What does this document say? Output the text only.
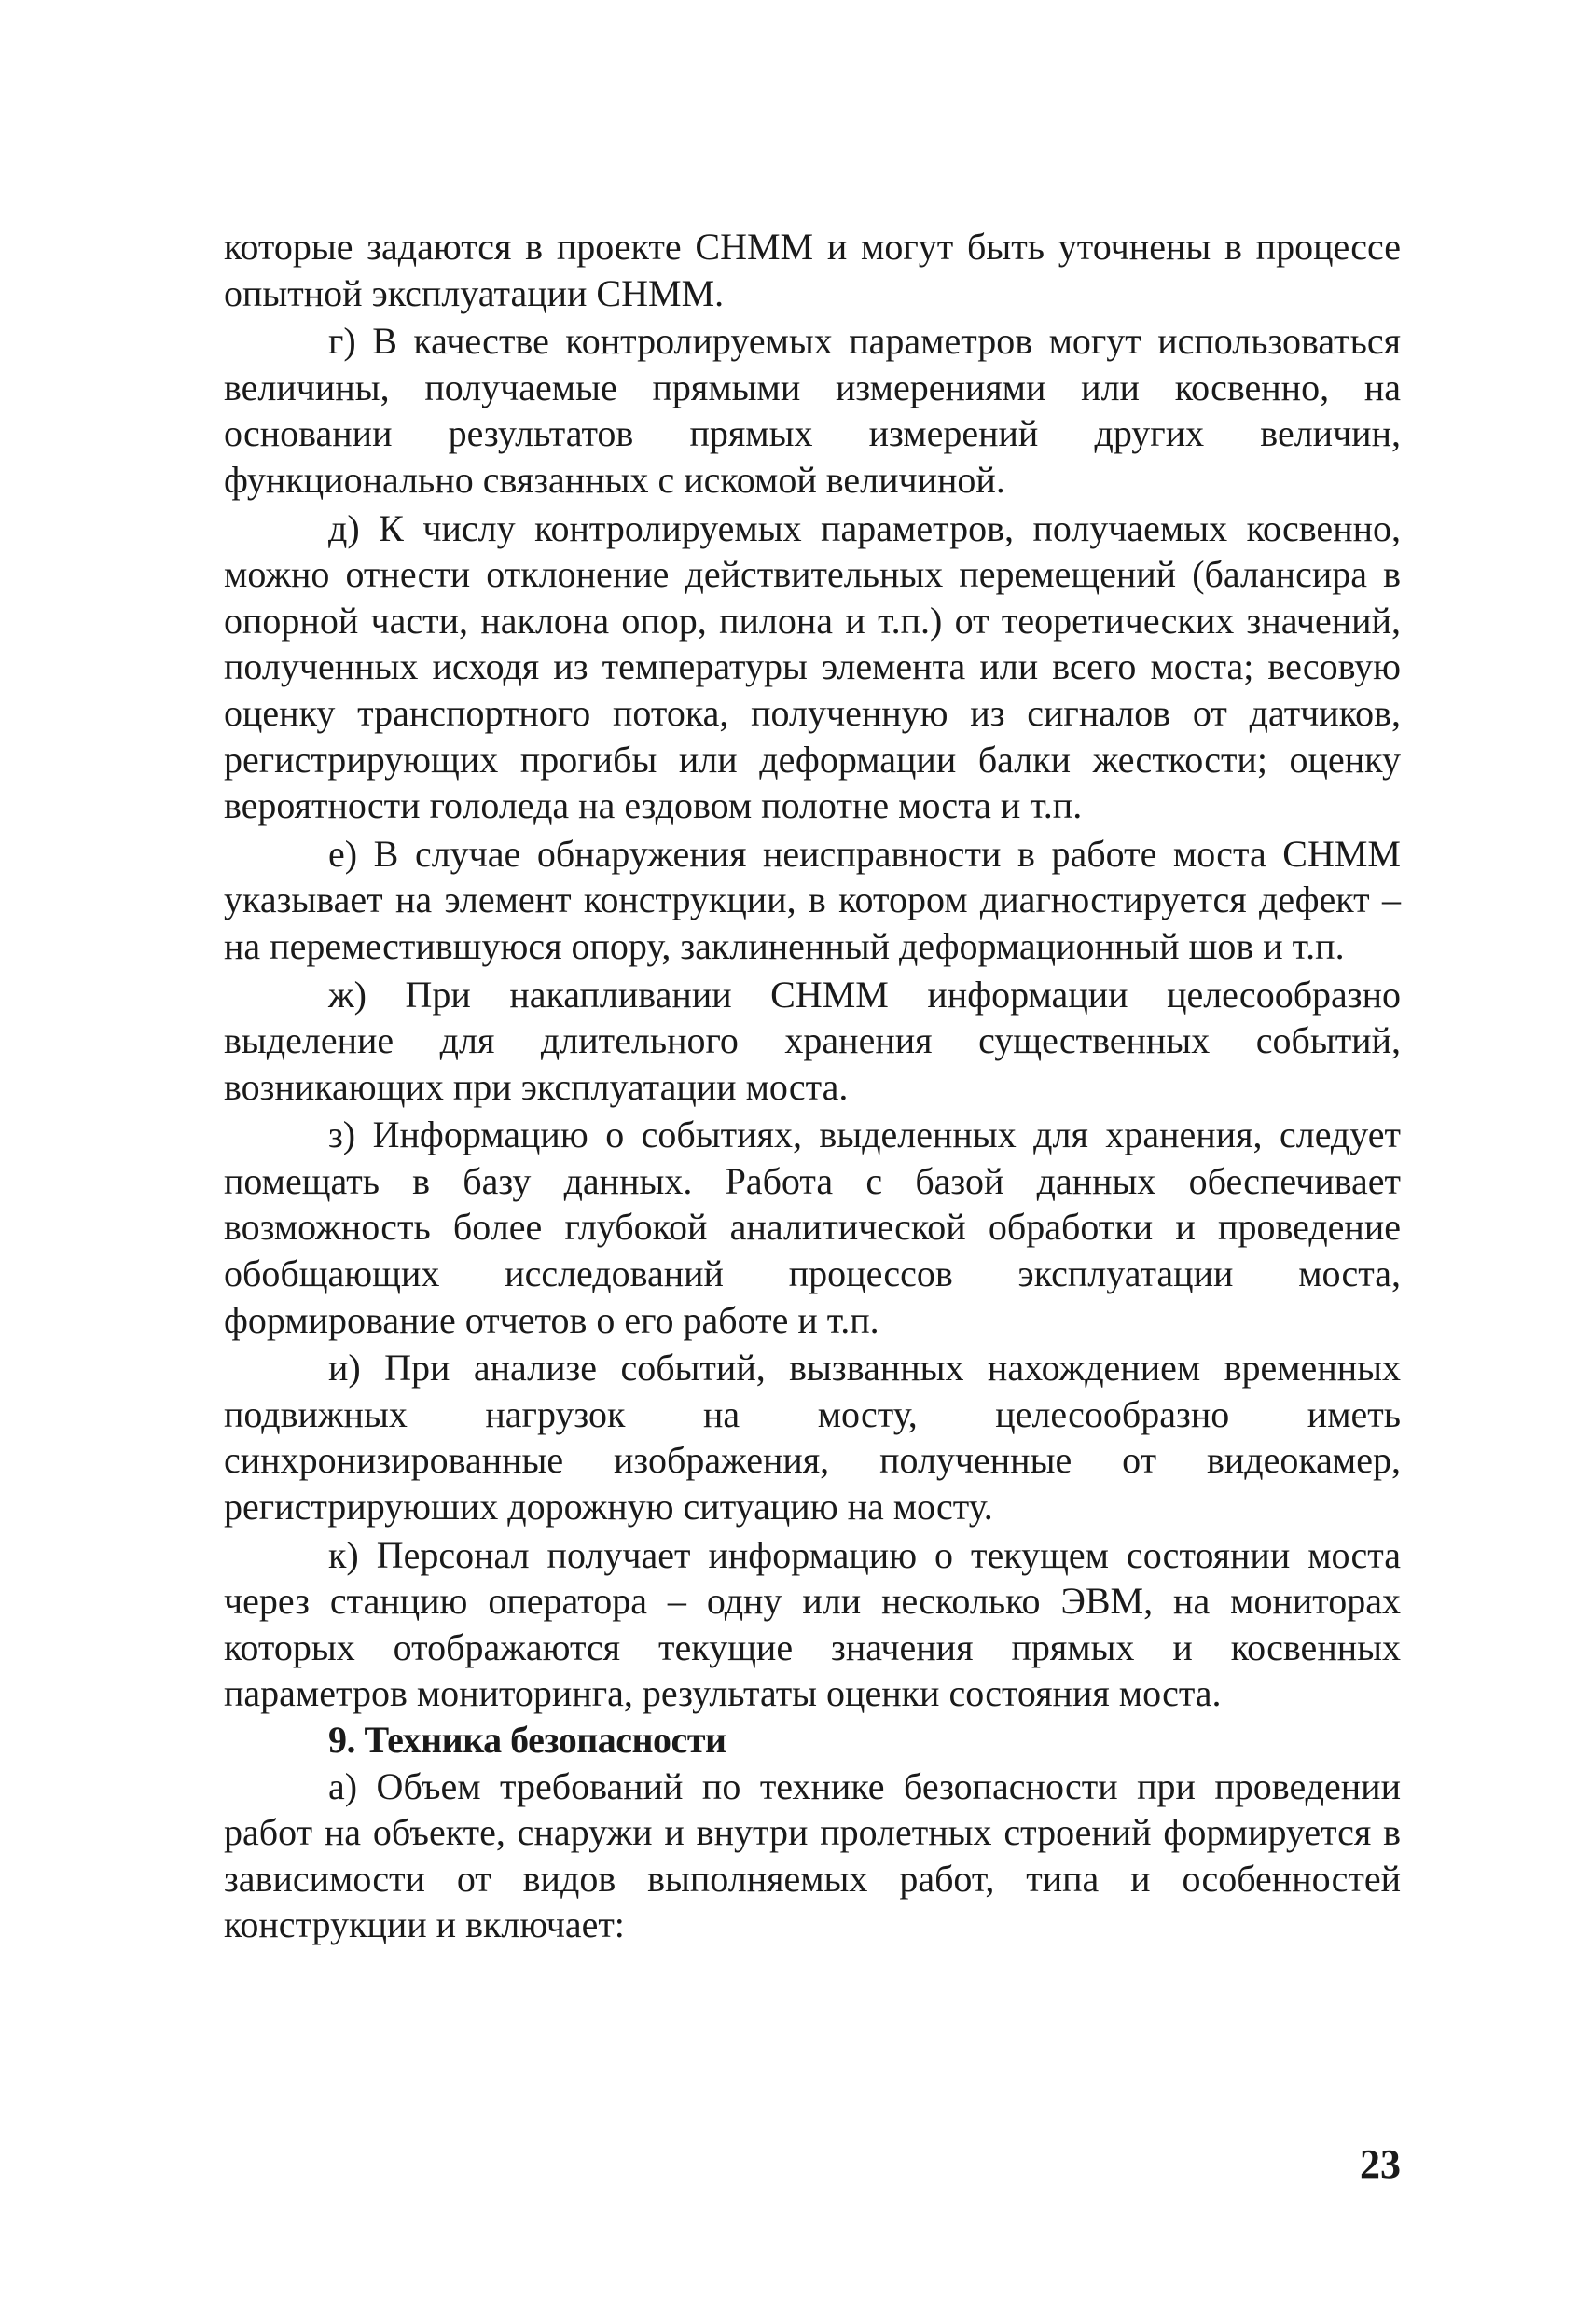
которые задаются в проекте СНММ и могут быть уточнены в процессе опытной эксплуатации СНММ.

г) В качестве контролируемых параметров могут использоваться величины, получаемые прямыми измерениями или косвенно, на основании результатов прямых измерений других величин, функционально связанных с искомой величиной.

д) К числу контролируемых параметров, получаемых косвенно, можно отнести отклонение действительных перемещений (балансира в опорной части, наклона опор, пилона и т.п.) от теоретических значений, полученных исходя из температуры элемента или всего моста; весовую оценку транспортного потока, полученную из сигналов от датчиков, регистрирующих прогибы или деформации балки жесткости; оценку вероятности гололеда на ездовом полотне моста и т.п.

е) В случае обнаружения неисправности в работе моста СНММ указывает на элемент конструкции, в котором диагностируется дефект – на переместившуюся опору, заклиненный деформационный шов и т.п.

ж) При накапливании СНММ информации целесообразно выделение для длительного хранения существенных событий, возникающих при эксплуатации моста.

з) Информацию о событиях, выделенных для хранения, следует помещать в базу данных. Работа с базой данных обеспечивает возможность более глубокой аналитической обработки и проведение обобщающих исследований процессов эксплуатации моста, формирование отчетов о его работе и т.п.

и) При анализе событий, вызванных нахождением временных подвижных нагрузок на мосту, целесообразно иметь синхронизированные изображения, полученные от видеокамер, регистрируюших дорожную ситуацию на мосту.

к) Персонал получает информацию о текущем состоянии моста через станцию оператора – одну или несколько ЭВМ, на мониторах которых отображаются текущие значения прямых и косвенных параметров мониторинга, результаты оценки состояния моста.

9. Техника безопасности

а) Объем требований по технике безопасности при проведении работ на объекте, снаружи и внутри пролетных строений формируется в зависимости от видов выполняемых работ, типа и особенностей конструкции и включает:

23
